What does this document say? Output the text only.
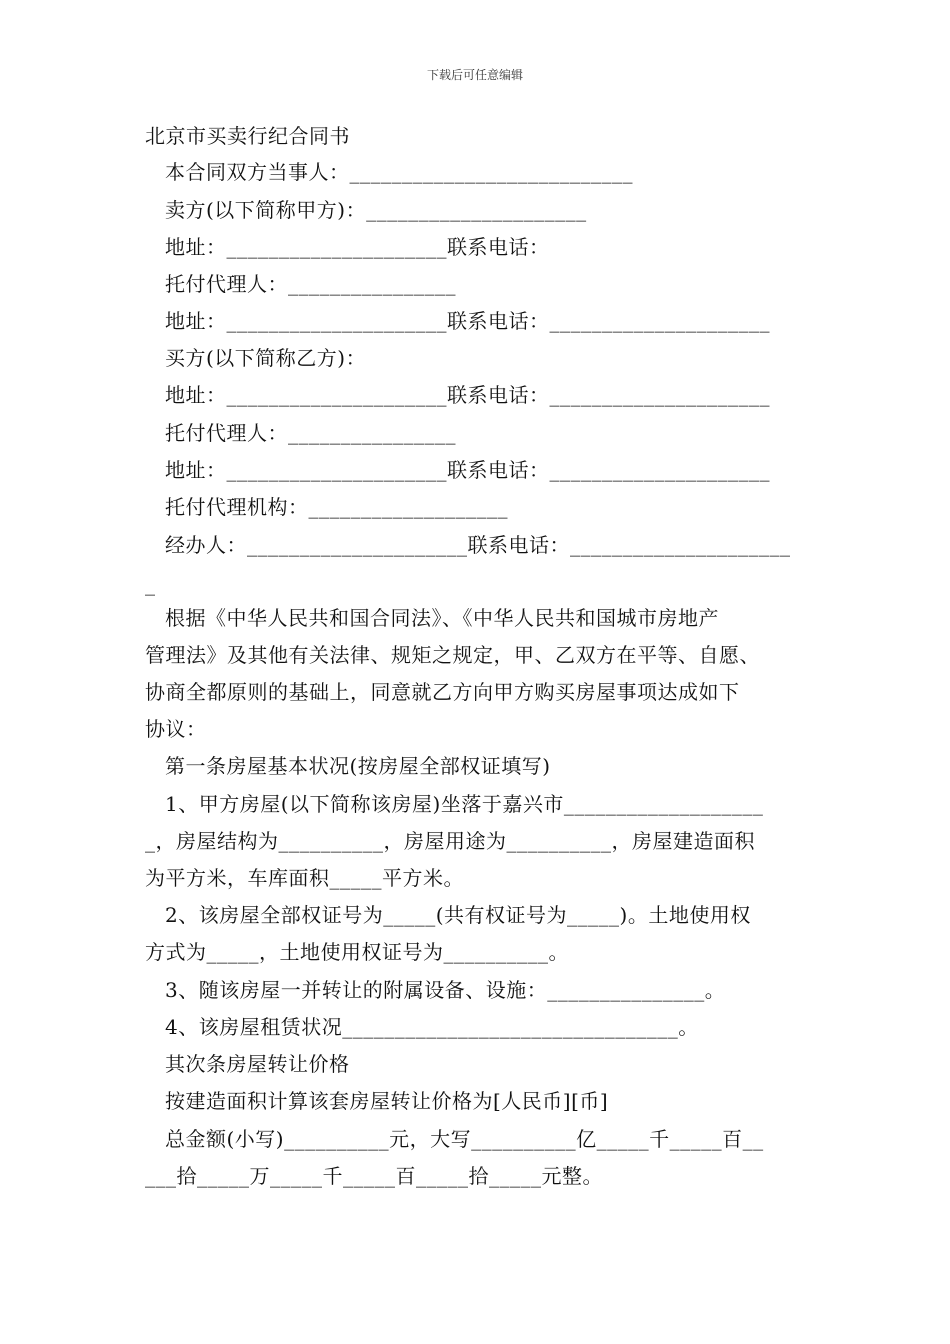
下载后可任意编辑
北京市买卖行纪合同书
本合同双方当事人：___________________________
卖方(以下简称甲方)：_____________________
地址：_____________________联系电话：
托付代理人：________________
地址：_____________________联系电话：_____________________
买方(以下简称乙方)：
地址：_____________________联系电话：_____________________
托付代理人：________________
地址：_____________________联系电话：_____________________
托付代理机构：___________________
经办人：_____________________联系电话：_____________________
_
根据《中华人民共和国合同法》、《中华人民共和国城市房地产
管理法》及其他有关法律、规矩之规定，甲、乙双方在平等、自愿、
协商全都原则的基础上，同意就乙方向甲方购买房屋事项达成如下
协议：
第一条房屋基本状况(按房屋全部权证填写)
1、甲方房屋(以下简称该房屋)坐落于嘉兴市___________________
_，房屋结构为__________，房屋用途为__________，房屋建造面积
为平方米，车库面积_____平方米。
2、该房屋全部权证号为_____(共有权证号为_____)。土地使用权
方式为_____，土地使用权证号为__________。
3、随该房屋一并转让的附属设备、设施：_______________。
4、该房屋租赁状况________________________________。
其次条房屋转让价格
按建造面积计算该套房屋转让价格为[人民币][币]
总金额(小写)__________元，大写__________亿_____千_____百__
___拾_____万_____千_____百_____拾_____元整。
